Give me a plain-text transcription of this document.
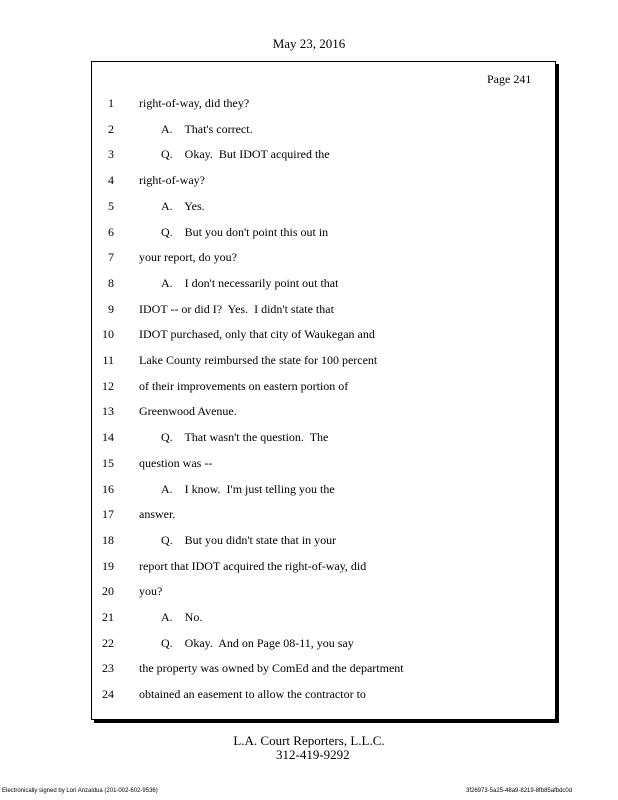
May 23, 2016
Page 241
1 right-of-way, did they?
2	A.    That's correct.
3	Q.    Okay.  But IDOT acquired the
4 right-of-way?
5	A.    Yes.
6	Q.    But you don't point this out in
7 your report, do you?
8	A.    I don't necessarily point out that
9 IDOT -- or did I?  Yes.  I didn't state that
10 IDOT purchased, only that city of Waukegan and
11 Lake County reimbursed the state for 100 percent
12 of their improvements on eastern portion of
13 Greenwood Avenue.
14	Q.    That wasn't the question.  The
15 question was --
16	A.    I know.  I'm just telling you the
17 answer.
18	Q.    But you didn't state that in your
19 report that IDOT acquired the right-of-way, did
20 you?
21	A.    No.
22	Q.    Okay.  And on Page 08-11, you say
23 the property was owned by ComEd and the department
24 obtained an easement to allow the contractor to
L.A. Court Reporters, L.L.C.
312-419-9292
Electronically signed by Lori Anzaldua (201-002-602-9536)	3f26973-5a25-48a9-8219-8fb85afbdc0d
